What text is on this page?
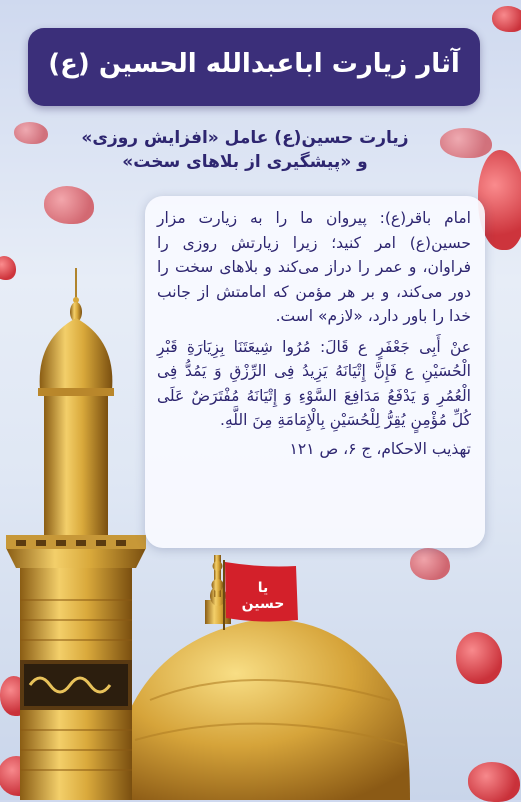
یا حسین
آثار زیارت اباعبدالله الحسین (ع)
زیارت حسین(ع) عامل «افزایش روزی»
و «پیشگیری از بلاهای سخت»

امام باقر(ع): پیروان ما را به زیارت مزار حسین(ع) امر کنید؛ زیرا زیارتش روزی را فراوان، و عمر را دراز می‌کند و بلاهای سخت را دور می‌کند، و بر هر مؤمن که امامتش از جانب خدا را باور دارد، «لازم» است.

عنْ أَبِی جَعْفَرٍ ع قَالَ: مُرُوا شِیعَتَنَا بِزِیَارَةِ قَبْرِ الْحُسَیْنِ ع فَإِنَّ إِتْیَانَهُ یَزِیدُ فِی الرِّزْقِ وَ یَمُدُّ فِی الْعُمُرِ وَ یَدْفَعُ مَدَافِعَ السَّوْءِ وَ إِتْیَانَهُ مُفْتَرَضٌ عَلَى كُلِّ مُؤْمِنٍ یُقِرُّ لِلْحُسَیْنِ بِالْإِمَامَةِ مِنَ اللَّهِ.

تهذیب الاحکام، ج ۶، ص ۱۲۱
